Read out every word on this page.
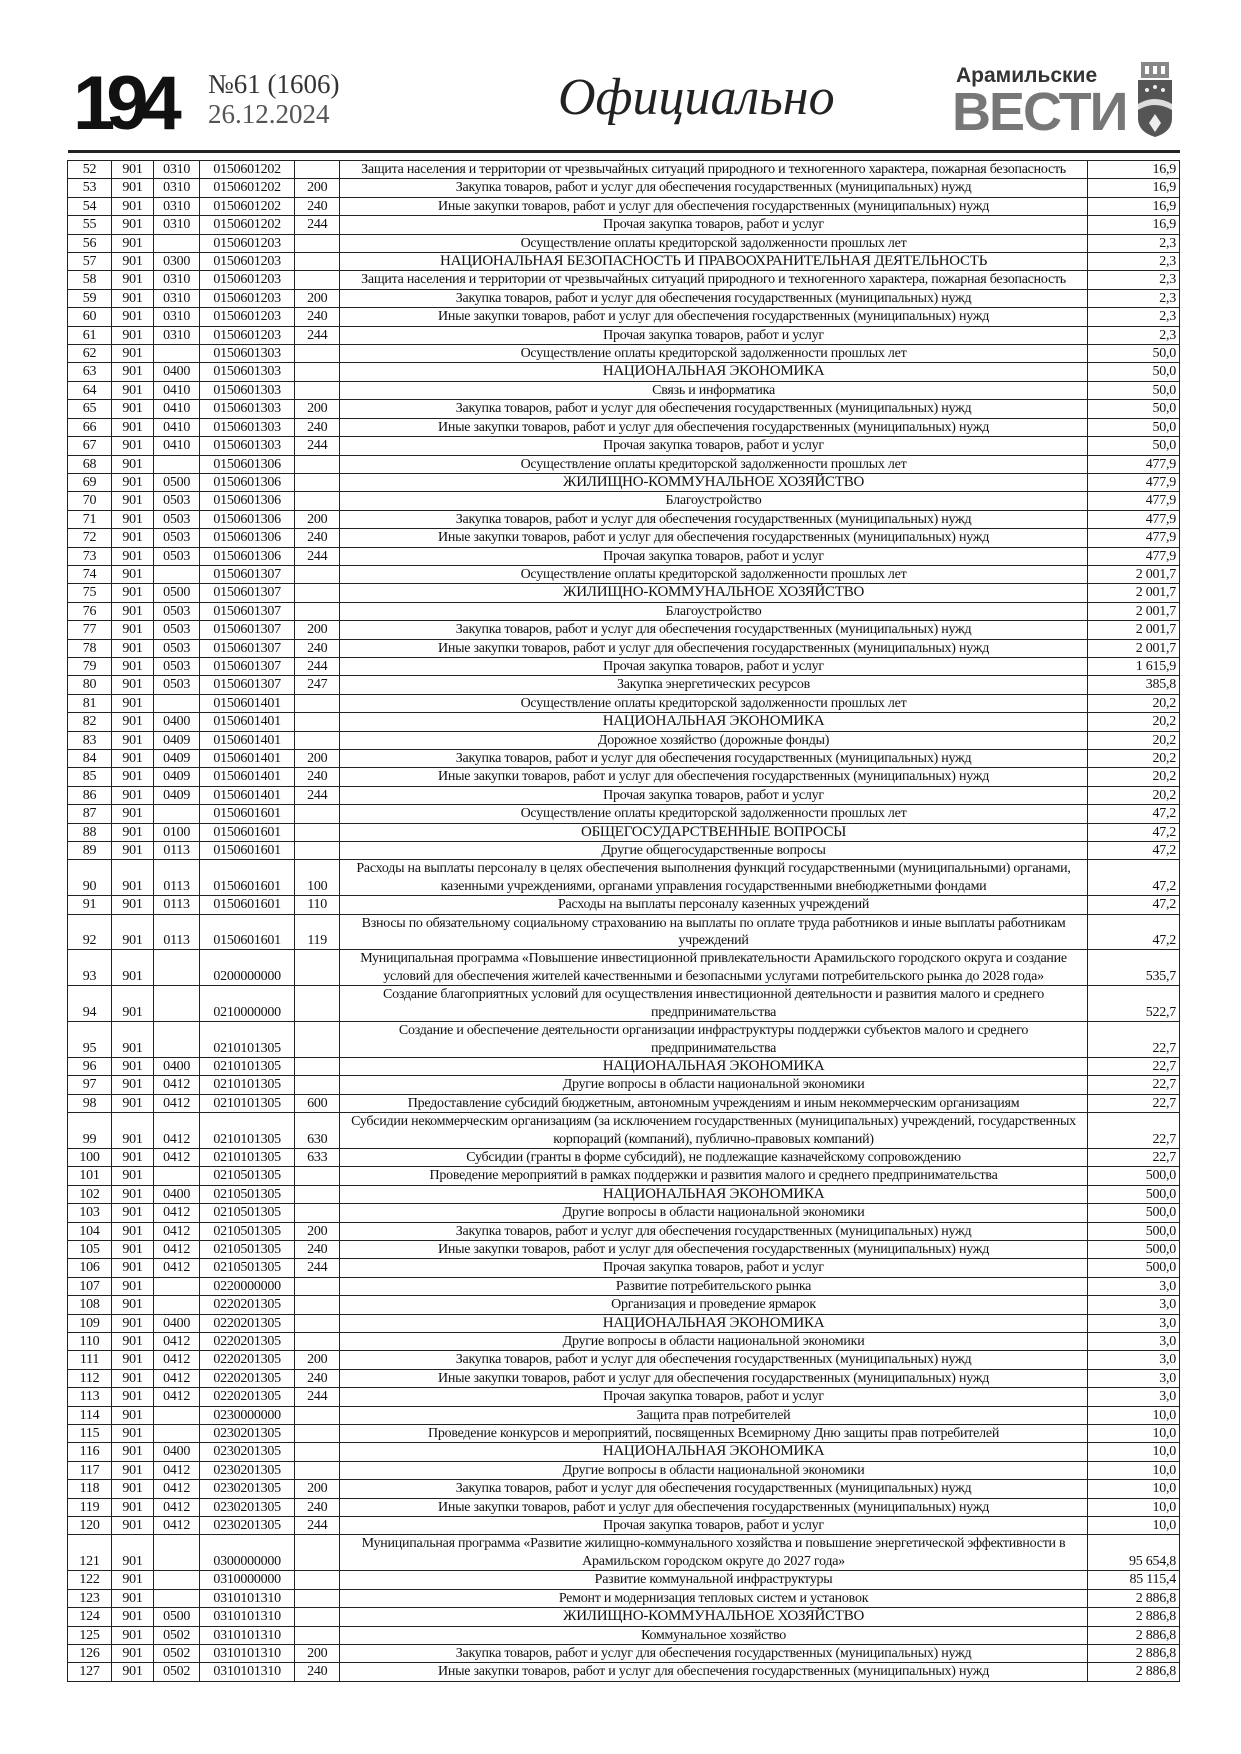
194 №61 (1606)
26.12.2024	Официально	Арамильские
ВЕСТИ
52	901	0310	0150601202		Защита населения и территории от чрезвычайных ситуаций природного и техногенного характера, пожарная безопасность	16,9
53	901	0310	0150601202	200	Закупка товаров, работ и услуг для обеспечения государственных (муниципальных) нужд	16,9
54	901	0310	0150601202	240	Иные закупки товаров, работ и услуг для обеспечения государственных (муниципальных) нужд	16,9
55	901	0310	0150601202	244	Прочая закупка товаров, работ и услуг	16,9
56	901		0150601203		Осуществление оплаты кредиторской задолженности прошлых лет	2,3
57	901	0300	0150601203		НАЦИОНАЛЬНАЯ БЕЗОПАСНОСТЬ И ПРАВООХРАНИТЕЛЬНАЯ ДЕЯТЕЛЬНОСТЬ	2,3
58	901	0310	0150601203		Защита населения и территории от чрезвычайных ситуаций природного и техногенного характера, пожарная безопасность	2,3
59	901	0310	0150601203	200	Закупка товаров, работ и услуг для обеспечения государственных (муниципальных) нужд	2,3
60	901	0310	0150601203	240	Иные закупки товаров, работ и услуг для обеспечения государственных (муниципальных) нужд	2,3
61	901	0310	0150601203	244	Прочая закупка товаров, работ и услуг	2,3
62	901		0150601303		Осуществление оплаты кредиторской задолженности прошлых лет	50,0
63	901	0400	0150601303		НАЦИОНАЛЬНАЯ ЭКОНОМИКА	50,0
64	901	0410	0150601303		Связь и информатика	50,0
65	901	0410	0150601303	200	Закупка товаров, работ и услуг для обеспечения государственных (муниципальных) нужд	50,0
66	901	0410	0150601303	240	Иные закупки товаров, работ и услуг для обеспечения государственных (муниципальных) нужд	50,0
67	901	0410	0150601303	244	Прочая закупка товаров, работ и услуг	50,0
68	901		0150601306		Осуществление оплаты кредиторской задолженности прошлых лет	477,9
69	901	0500	0150601306		ЖИЛИЩНО-КОММУНАЛЬНОЕ ХОЗЯЙСТВО	477,9
70	901	0503	0150601306		Благоустройство	477,9
71	901	0503	0150601306	200	Закупка товаров, работ и услуг для обеспечения государственных (муниципальных) нужд	477,9
72	901	0503	0150601306	240	Иные закупки товаров, работ и услуг для обеспечения государственных (муниципальных) нужд	477,9
73	901	0503	0150601306	244	Прочая закупка товаров, работ и услуг	477,9
74	901		0150601307		Осуществление оплаты кредиторской задолженности прошлых лет	2 001,7
75	901	0500	0150601307		ЖИЛИЩНО-КОММУНАЛЬНОЕ ХОЗЯЙСТВО	2 001,7
76	901	0503	0150601307		Благоустройство	2 001,7
77	901	0503	0150601307	200	Закупка товаров, работ и услуг для обеспечения государственных (муниципальных) нужд	2 001,7
78	901	0503	0150601307	240	Иные закупки товаров, работ и услуг для обеспечения государственных (муниципальных) нужд	2 001,7
79	901	0503	0150601307	244	Прочая закупка товаров, работ и услуг	1 615,9
80	901	0503	0150601307	247	Закупка энергетических ресурсов	385,8
81	901		0150601401		Осуществление оплаты кредиторской задолженности прошлых лет	20,2
82	901	0400	0150601401		НАЦИОНАЛЬНАЯ ЭКОНОМИКА	20,2
83	901	0409	0150601401		Дорожное хозяйство (дорожные фонды)	20,2
84	901	0409	0150601401	200	Закупка товаров, работ и услуг для обеспечения государственных (муниципальных) нужд	20,2
85	901	0409	0150601401	240	Иные закупки товаров, работ и услуг для обеспечения государственных (муниципальных) нужд	20,2
86	901	0409	0150601401	244	Прочая закупка товаров, работ и услуг	20,2
87	901		0150601601		Осуществление оплаты кредиторской задолженности прошлых лет	47,2
88	901	0100	0150601601		ОБЩЕГОСУДАРСТВЕННЫЕ ВОПРОСЫ	47,2
89	901	0113	0150601601		Другие общегосударственные вопросы	47,2
90	901	0113	0150601601	100	Расходы на выплаты персоналу в целях обеспечения выполнения функций государственными (муниципальными) органами, казенными учреждениями, органами управления государственными внебюджетными фондами	47,2
91	901	0113	0150601601	110	Расходы на выплаты персоналу казенных учреждений	47,2
92	901	0113	0150601601	119	Взносы по обязательному социальному страхованию на выплаты по оплате труда работников и иные выплаты работникам учреждений	47,2
93	901		0200000000		Муниципальная программа «Повышение инвестиционной привлекательности Арамильского городского округа и создание условий для обеспечения жителей качественными и безопасными услугами потребительского рынка до 2028 года»	535,7
94	901		0210000000		Создание благоприятных условий для осуществления инвестиционной деятельности и развития малого и среднего предпринимательства	522,7
95	901		0210101305		Создание и обеспечение деятельности организации инфраструктуры поддержки субъектов малого и среднего предпринимательства	22,7
96	901	0400	0210101305		НАЦИОНАЛЬНАЯ ЭКОНОМИКА	22,7
97	901	0412	0210101305		Другие вопросы в области национальной экономики	22,7
98	901	0412	0210101305	600	Предоставление субсидий бюджетным, автономным учреждениям и иным некоммерческим организациям	22,7
99	901	0412	0210101305	630	Субсидии некоммерческим организациям (за исключением государственных (муниципальных) учреждений, государственных корпораций (компаний), публично-правовых компаний)	22,7
100	901	0412	0210101305	633	Субсидии (гранты в форме субсидий), не подлежащие казначейскому сопровождению	22,7
101	901		0210501305		Проведение мероприятий в рамках поддержки и развития малого и среднего предпринимательства	500,0
102	901	0400	0210501305		НАЦИОНАЛЬНАЯ ЭКОНОМИКА	500,0
103	901	0412	0210501305		Другие вопросы в области национальной экономики	500,0
104	901	0412	0210501305	200	Закупка товаров, работ и услуг для обеспечения государственных (муниципальных) нужд	500,0
105	901	0412	0210501305	240	Иные закупки товаров, работ и услуг для обеспечения государственных (муниципальных) нужд	500,0
106	901	0412	0210501305	244	Прочая закупка товаров, работ и услуг	500,0
107	901		0220000000		Развитие потребительского рынка	3,0
108	901		0220201305		Организация и проведение ярмарок	3,0
109	901	0400	0220201305		НАЦИОНАЛЬНАЯ ЭКОНОМИКА	3,0
110	901	0412	0220201305		Другие вопросы в области национальной экономики	3,0
111	901	0412	0220201305	200	Закупка товаров, работ и услуг для обеспечения государственных (муниципальных) нужд	3,0
112	901	0412	0220201305	240	Иные закупки товаров, работ и услуг для обеспечения государственных (муниципальных) нужд	3,0
113	901	0412	0220201305	244	Прочая закупка товаров, работ и услуг	3,0
114	901		0230000000		Защита прав потребителей	10,0
115	901		0230201305		Проведение конкурсов и мероприятий, посвященных Всемирному Дню защиты прав потребителей	10,0
116	901	0400	0230201305		НАЦИОНАЛЬНАЯ ЭКОНОМИКА	10,0
117	901	0412	0230201305		Другие вопросы в области национальной экономики	10,0
118	901	0412	0230201305	200	Закупка товаров, работ и услуг для обеспечения государственных (муниципальных) нужд	10,0
119	901	0412	0230201305	240	Иные закупки товаров, работ и услуг для обеспечения государственных (муниципальных) нужд	10,0
120	901	0412	0230201305	244	Прочая закупка товаров, работ и услуг	10,0
121	901		0300000000		Муниципальная программа «Развитие жилищно-коммунального хозяйства и повышение энергетической эффективности в Арамильском городском округе до 2027 года»	95 654,8
122	901		0310000000		Развитие коммунальной инфраструктуры	85 115,4
123	901		0310101310		Ремонт и модернизация тепловых систем и установок	2 886,8
124	901	0500	0310101310		ЖИЛИЩНО-КОММУНАЛЬНОЕ ХОЗЯЙСТВО	2 886,8
125	901	0502	0310101310		Коммунальное хозяйство	2 886,8
126	901	0502	0310101310	200	Закупка товаров, работ и услуг для обеспечения государственных (муниципальных) нужд	2 886,8
127	901	0502	0310101310	240	Иные закупки товаров, работ и услуг для обеспечения государственных (муниципальных) нужд	2 886,8
